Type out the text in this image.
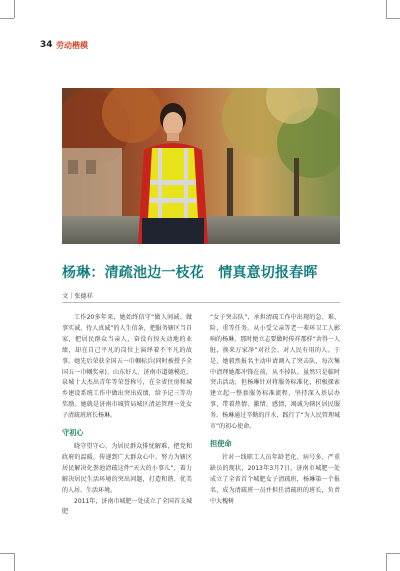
34 劳动楷模
杨琳：清疏池边一枝花　情真意切报春晖
文｜张德祥

工作20多年来，她始终信守“做人间诚、做事实诚、待人真诚”的人生信条，把服务辖区当自家，把居民群众当亲人，奋没有惊天动地的业绩，却在自己平凡的岗位上演绎着不平凡的故事。她先后荣获全国五一巾帼标兵(同时被授予全国五一巾帼奖章)、山东好人、济南市道德模范、泉城十大杰出青年等荣誉称号，在全省住房和城乡建设系统工作中做出突出成绩，给予记三等功奖励。她就是济南市城管局城区清运管理一处女子清疏班班长杨琳。

守初心

晓守望守心，为居民群众排忧解难，把党和政府的温暖，传递到广大群众心中。努力为辖区居民解决化粪池清疏这件“天大的小事儿”，着力解决居民生活环境的突出问题，打造和谐、优美的人居、生活环境。

2011年，济南市城肥一处成立了全国首支城肥

“女子突击队”，承担清疏工作中出现的急、难、险、重等任务。从小受父亲等老一辈环卫工人影响的杨琳，那时便立志要做时传祥那样“舍得一人脏，换来万家净”对社会、对人民有用的人。于是，她毅然报名主动申请调入了突击队，每次集中清理她都冲锋在前，从不掉队。虽然只是临时突击活动，但杨琳针对将服务标准化，积极探索建立起一整套服务标准流程，坚持深入基层办事，带着热情、激情、感情，竭诚为辖区居民服务。杨琳通过辛勤的汗水，践行了“为人民管理城市”的初心使命。

担使命

针对一线职工人员年龄老化、病号多、严重缺员的现状，2013年3月7日，济南市城肥一处成立了全省首个城肥女子清疏班，杨琳第一个报名，成为清疏班一员并担任清疏班的班长，负责中大槐树
